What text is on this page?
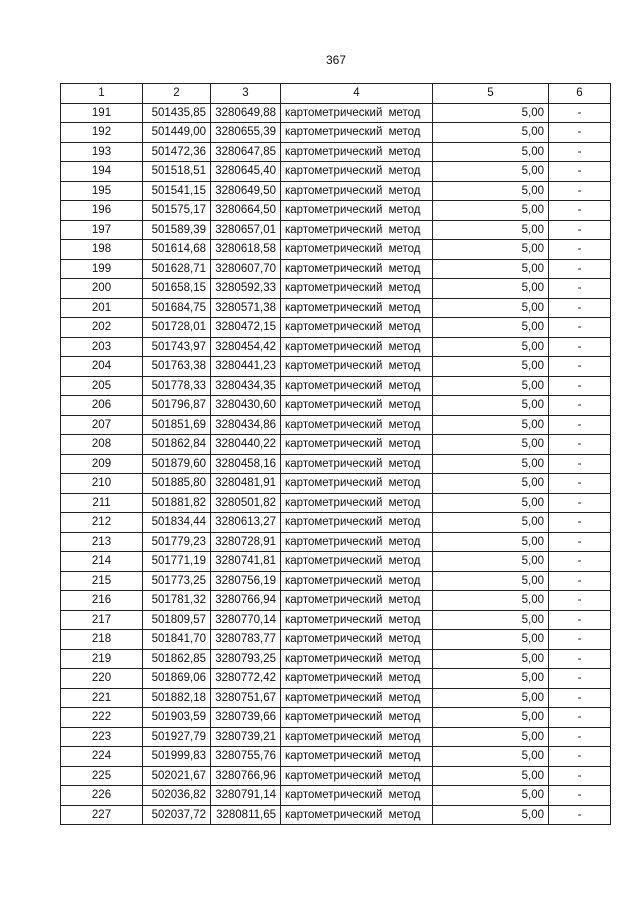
367
1	2	3	4	5	6
191	501435,85	3280649,88	картометрический метод	5,00	-
192	501449,00	3280655,39	картометрический метод	5,00	-
193	501472,36	3280647,85	картометрический метод	5,00	-
194	501518,51	3280645,40	картометрический метод	5,00	-
195	501541,15	3280649,50	картометрический метод	5,00	-
196	501575,17	3280664,50	картометрический метод	5,00	-
197	501589,39	3280657,01	картометрический метод	5,00	-
198	501614,68	3280618,58	картометрический метод	5,00	-
199	501628,71	3280607,70	картометрический метод	5,00	-
200	501658,15	3280592,33	картометрический метод	5,00	-
201	501684,75	3280571,38	картометрический метод	5,00	-
202	501728,01	3280472,15	картометрический метод	5,00	-
203	501743,97	3280454,42	картометрический метод	5,00	-
204	501763,38	3280441,23	картометрический метод	5,00	-
205	501778,33	3280434,35	картометрический метод	5,00	-
206	501796,87	3280430,60	картометрический метод	5,00	-
207	501851,69	3280434,86	картометрический метод	5,00	-
208	501862,84	3280440,22	картометрический метод	5,00	-
209	501879,60	3280458,16	картометрический метод	5,00	-
210	501885,80	3280481,91	картометрический метод	5,00	-
211	501881,82	3280501,82	картометрический метод	5,00	-
212	501834,44	3280613,27	картометрический метод	5,00	-
213	501779,23	3280728,91	картометрический метод	5,00	-
214	501771,19	3280741,81	картометрический метод	5,00	-
215	501773,25	3280756,19	картометрический метод	5,00	-
216	501781,32	3280766,94	картометрический метод	5,00	-
217	501809,57	3280770,14	картометрический метод	5,00	-
218	501841,70	3280783,77	картометрический метод	5,00	-
219	501862,85	3280793,25	картометрический метод	5,00	-
220	501869,06	3280772,42	картометрический метод	5,00	-
221	501882,18	3280751,67	картометрический метод	5,00	-
222	501903,59	3280739,66	картометрический метод	5,00	-
223	501927,79	3280739,21	картометрический метод	5,00	-
224	501999,83	3280755,76	картометрический метод	5,00	-
225	502021,67	3280766,96	картометрический метод	5,00	-
226	502036,82	3280791,14	картометрический метод	5,00	-
227	502037,72	3280811,65	картометрический метод	5,00	-
